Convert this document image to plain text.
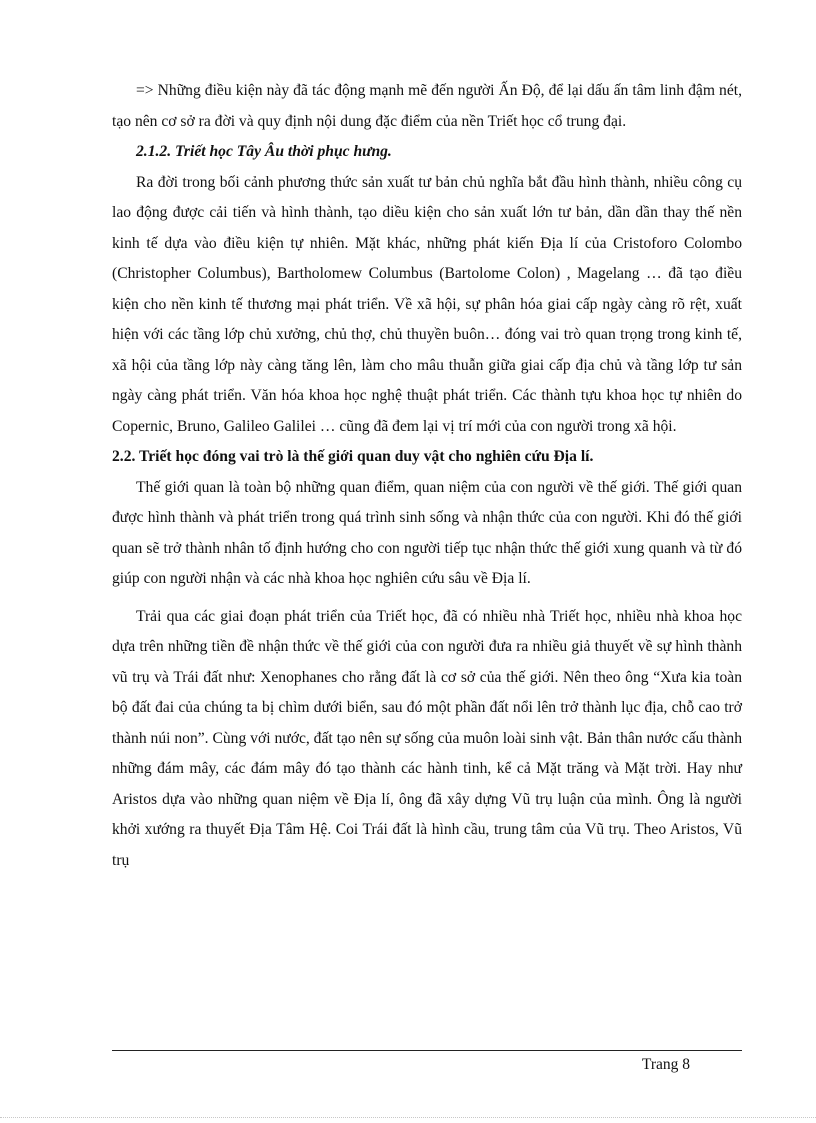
=> Những điều kiện này đã tác động mạnh mẽ đến người Ấn Độ, để lại dấu ấn tâm linh đậm nét, tạo nên cơ sở ra đời và quy định nội dung đặc điểm của nền Triết học cổ trung đại.

2.1.2. Triết học Tây Âu thời phục hưng.

Ra đời trong bối cảnh phương thức sản xuất tư bản chủ nghĩa bắt đầu hình thành, nhiều công cụ lao động được cải tiến và hình thành, tạo diều kiện cho sản xuất lớn tư bản, dần dần thay thế nền kinh tế dựa vào điều kiện tự nhiên. Mặt khác, những phát kiến Địa lí của Cristoforo Colombo (Christopher Columbus), Bartholomew Columbus (Bartolome Colon) , Magelang … đã tạo điều kiện cho nền kinh tế thương mại phát triển. Về xã hội, sự phân hóa giai cấp ngày càng rõ rệt, xuất hiện với các tầng lớp chủ xưởng, chủ thợ, chủ thuyền buôn… đóng vai trò quan trọng trong kinh tế, xã hội của tầng lớp này càng tăng lên, làm cho mâu thuẫn giữa giai cấp địa chủ và tầng lớp tư sản ngày càng phát triển. Văn hóa khoa học nghệ thuật phát triển. Các thành tựu khoa học tự nhiên do Copernic, Bruno, Galileo Galilei … cũng đã đem lại vị trí mới của con người trong xã hội.

2.2. Triết học đóng vai trò là thế giới quan duy vật cho nghiên cứu Địa lí.

Thế giới quan là toàn bộ những quan điểm, quan niệm của con người về thế giới. Thế giới quan được hình thành và phát triển trong quá trình sinh sống và nhận thức của con người. Khi đó thế giới quan sẽ trở thành nhân tố định hướng cho con người tiếp tục nhận thức thế giới xung quanh và từ đó giúp con người nhận và các nhà khoa học nghiên cứu sâu về Địa lí.

Trải qua các giai đoạn phát triển của Triết học, đã có nhiều nhà Triết học, nhiều nhà khoa học dựa trên những tiền đề nhận thức về thế giới của con người đưa ra nhiều giả thuyết về sự hình thành vũ trụ và Trái đất như: Xenophanes cho rằng đất là cơ sở của thế giới. Nên theo ông “Xưa kia toàn bộ đất đai của chúng ta bị chìm dưới biển, sau đó một phần đất nổi lên trở thành lục địa, chỗ cao trở thành núi non”. Cùng với nước, đất tạo nên sự sống của muôn loài sinh vật. Bản thân nước cấu thành những đám mây, các đám mây đó tạo thành các hành tinh, kể cả Mặt trăng và Mặt trời. Hay như Aristos dựa vào những quan niệm về Địa lí, ông đã xây dựng Vũ trụ luận của mình. Ông là người khởi xướng ra thuyết Địa Tâm Hệ. Coi Trái đất là hình cầu, trung tâm của Vũ trụ. Theo Aristos, Vũ trụ

Trang 8
